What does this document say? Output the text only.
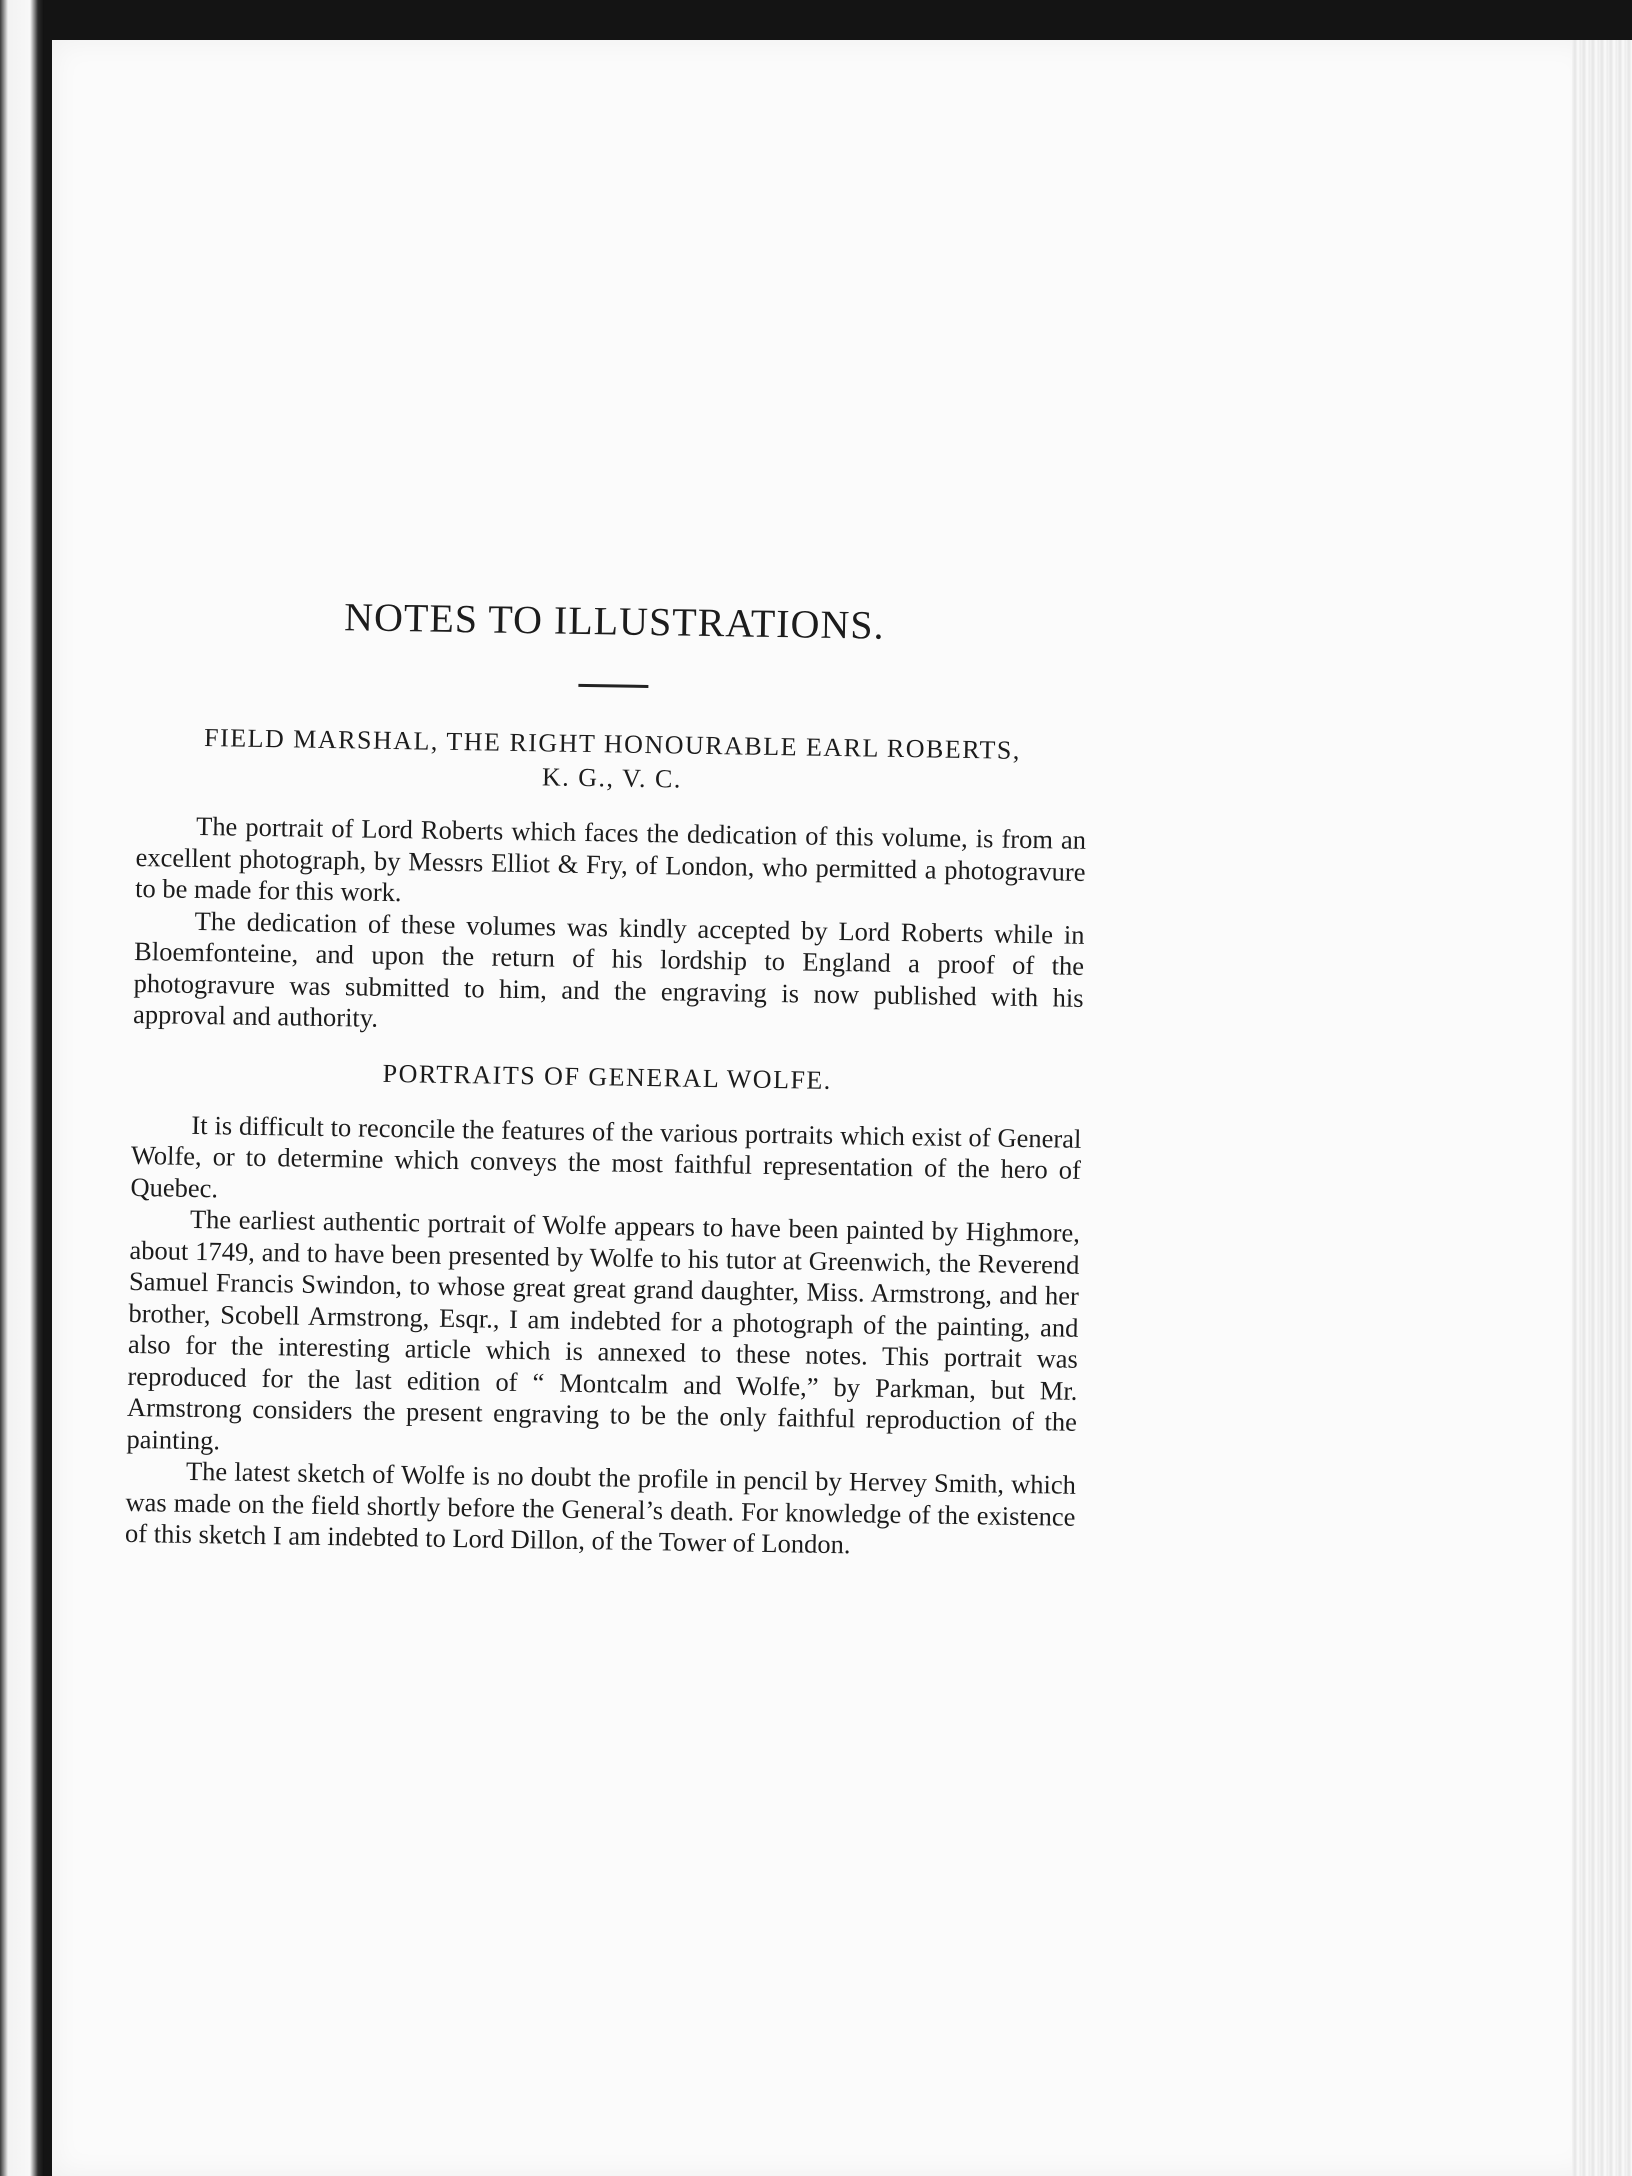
NOTES TO ILLUSTRATIONS.
FIELD MARSHAL, THE RIGHT HONOURABLE EARL ROBERTS,
K. G., V. C.

The portrait of Lord Roberts which faces the dedication of this volume, is from an excellent photograph, by Messrs Elliot & Fry, of London, who permitted a photogravure to be made for this work.

The dedication of these volumes was kindly accepted by Lord Roberts while in Bloemfonteine, and upon the return of his lordship to England a proof of the photogravure was submitted to him, and the engraving is now published with his approval and authority.

PORTRAITS OF GENERAL WOLFE.

It is difficult to reconcile the features of the various portraits which exist of General Wolfe, or to determine which conveys the most faithful representation of the hero of Quebec.

The earliest authentic portrait of Wolfe appears to have been painted by Highmore, about 1749, and to have been presented by Wolfe to his tutor at Greenwich, the Reverend Samuel Francis Swindon, to whose great great grand daughter, Miss. Armstrong, and her brother, Scobell Armstrong, Esqr., I am indebted for a photograph of the painting, and also for the interesting article which is annexed to these notes. This portrait was reproduced for the last edition of “ Montcalm and Wolfe,” by Parkman, but Mr. Armstrong considers the present engraving to be the only faithful reproduction of the painting.

The latest sketch of Wolfe is no doubt the profile in pencil by Hervey Smith, which was made on the field shortly before the General’s death. For knowledge of the existence of this sketch I am indebted to Lord Dillon, of the Tower of London.
